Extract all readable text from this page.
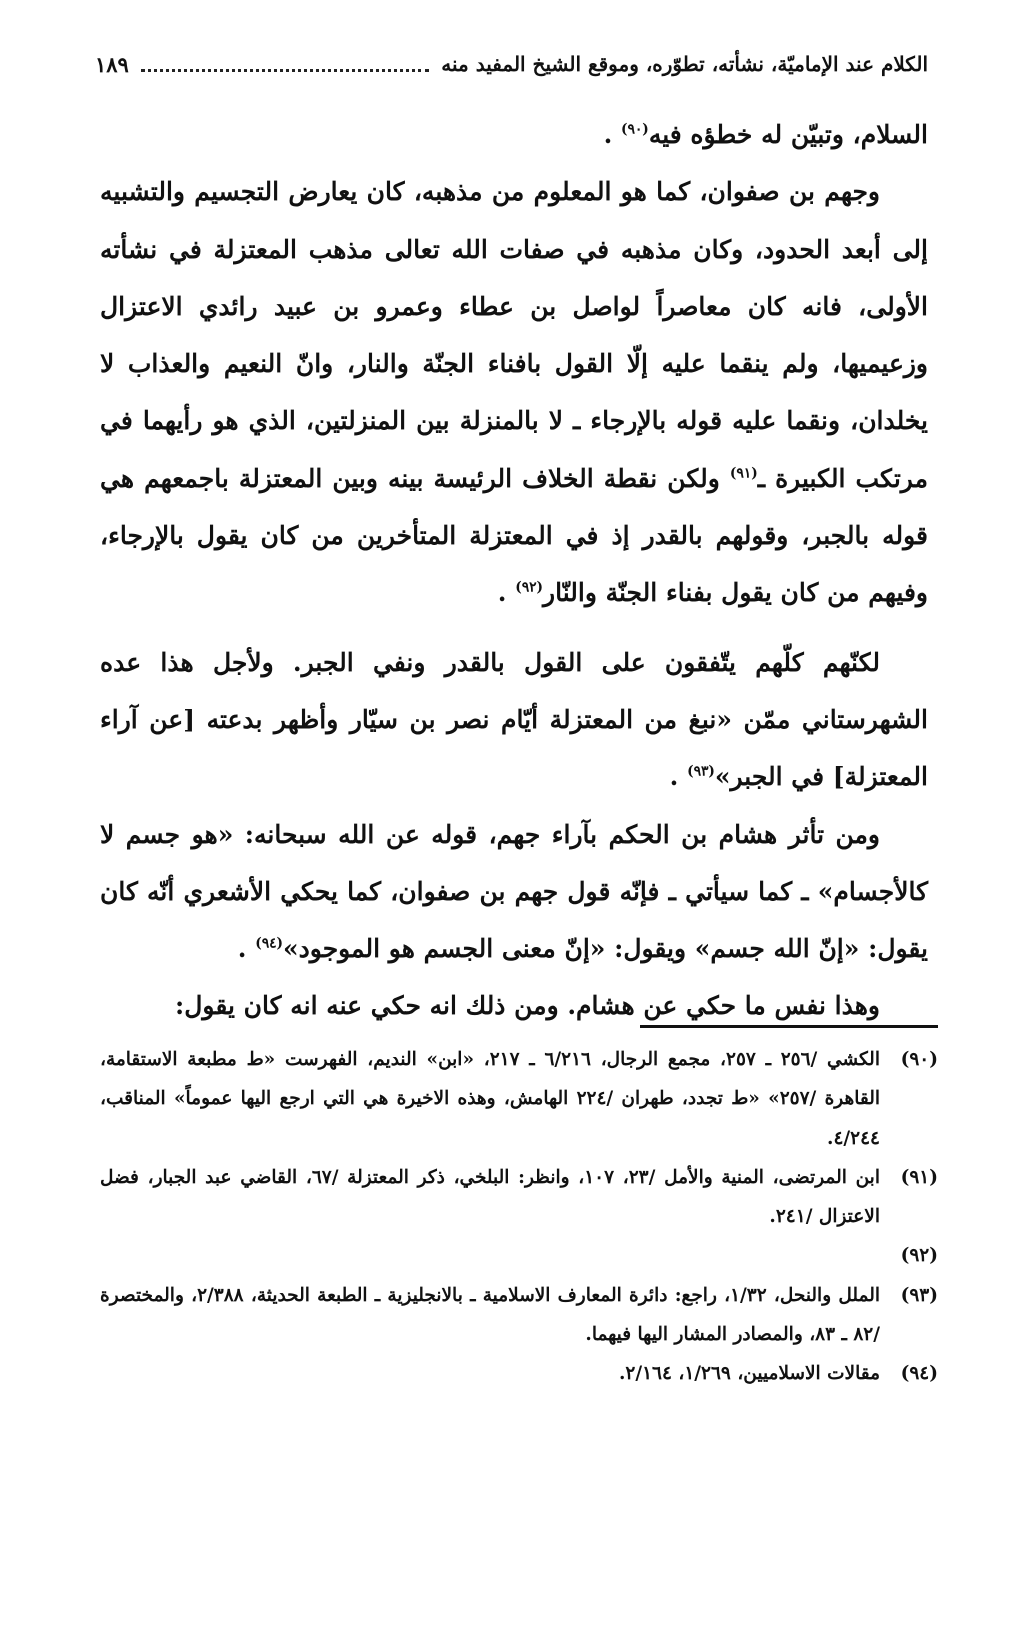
الكلام عند الإماميّة، نشأته، تطوّره، وموقع الشيخ المفيد منه
١٨٩

السلام، وتبيّن له خطؤه فيه$^{(٩٠)}$ .

وجهم بن صفوان، كما هو المعلوم من مذهبه، كان يعارض التجسيم والتشبيه إلى أبعد الحدود، وكان مذهبه في صفات الله تعالى مذهب المعتزلة في نشأته الأولى، فانه كان معاصراً لواصل بن عطاء وعمرو بن عبيد رائدي الاعتزال وزعيميها، ولم ينقما عليه إلّا القول بافناء الجنّة والنار، وانّ النعيم والعذاب لا يخلدان، ونقما عليه قوله بالإرجاء ـ لا بالمنزلة بين المنزلتين، الذي هو رأيهما في مرتكب الكبيرة ـ$^{(٩١)}$ ولكن نقطة الخلاف الرئيسة بينه وبين المعتزلة باجمعهم هي قوله بالجبر، وقولهم بالقدر إذ في المعتزلة المتأخرين من كان يقول بالإرجاء، وفيهم من كان يقول بفناء الجنّة والنّار$^{(٩٢)}$ .

لكنّهم كلّهم يتّفقون على القول بالقدر ونفي الجبر. ولأجل هذا عده الشهرستاني ممّن «نبغ من المعتزلة أيّام نصر بن سيّار وأظهر بدعته [عن آراء المعتزلة] في الجبر»$^{(٩٣)}$ .

ومن تأثر هشام بن الحكم بآراء جهم، قوله عن الله سبحانه: «هو جسم لا كالأجسام» ـ كما سيأتي ـ فإنّه قول جهم بن صفوان، كما يحكي الأشعري أنّه كان يقول: «إنّ الله جسم» ويقول: «إنّ معنى الجسم هو الموجود»$^{(٩٤)}$ .

وهذا نفس ما حكي عن هشام. ومن ذلك انه حكي عنه انه كان يقول:

(٩٠)
الكشي /٢٥٦ ـ ٢٥٧، مجمع الرجال، ٦/٢١٦ ـ ٢١٧، «ابن» النديم، الفهرست «ط مطبعة الاستقامة، القاهرة /٢٥٧» «ط تجدد، طهران /٢٢٤ الهامش، وهذه الاخيرة هي التي ارجع اليها عموماً» المناقب، ٤/٢٤٤.
(٩١)
ابن المرتضى، المنية والأمل /٢٣، ١٠٧، وانظر: البلخي، ذكر المعتزلة /٦٧، القاضي عبد الجبار، فضل الاعتزال /٢٤١.
(٩٢)

(٩٣)
الملل والنحل، ١/٣٢، راجع: دائرة المعارف الاسلامية ـ بالانجليزية ـ الطبعة الحديثة، ٢/٣٨٨، والمختصرة /٨٢ ـ ٨٣، والمصادر المشار اليها فيهما.
(٩٤)
مقالات الاسلاميين، ١/٢٦٩، ٢/١٦٤.
